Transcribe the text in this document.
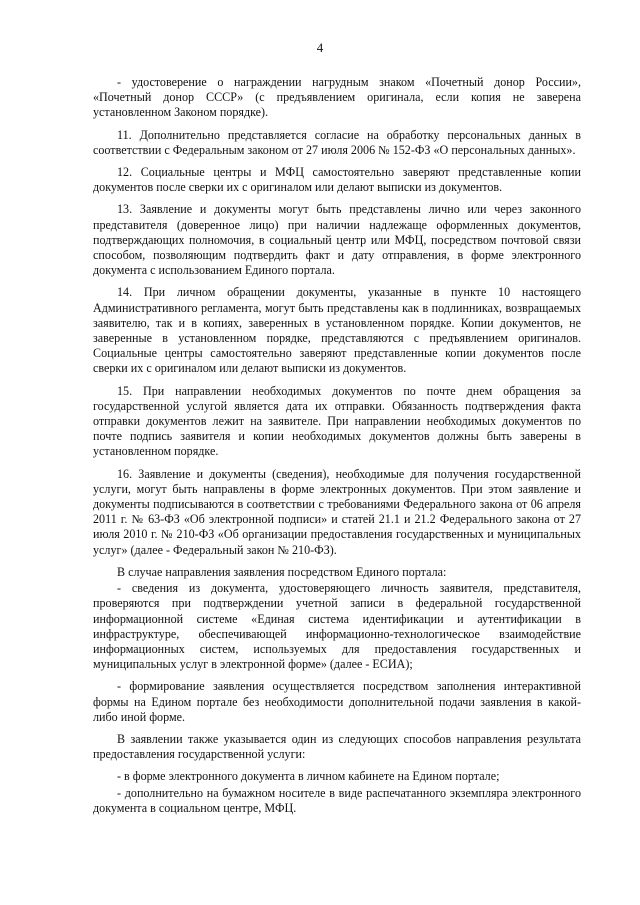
4

- удостоверение о награждении нагрудным знаком «Почетный донор России», «Почетный донор СССР» (с предъявлением оригинала, если копия не заверена установленном Законом порядке).

11. Дополнительно представляется согласие на обработку персональных данных в соответствии с Федеральным законом от 27 июля 2006 № 152-ФЗ «О персональных данных».

12. Социальные центры и МФЦ самостоятельно заверяют представленные копии документов после сверки их с оригиналом или делают выписки из документов.

13. Заявление и документы могут быть представлены лично или через законного представителя (доверенное лицо) при наличии надлежаще оформленных документов, подтверждающих полномочия, в социальный центр или МФЦ, посредством почтовой связи способом, позволяющим подтвердить факт и дату отправления, в форме электронного документа с использованием Единого портала.

14. При личном обращении документы, указанные в пункте 10 настоящего Административного регламента, могут быть представлены как в подлинниках, возвращаемых заявителю, так и в копиях, заверенных в установленном порядке. Копии документов, не заверенные в установленном порядке, представляются с предъявлением оригиналов. Социальные центры самостоятельно заверяют представленные копии документов после сверки их с оригиналом или делают выписки из документов.

15. При направлении необходимых документов по почте днем обращения за государственной услугой является дата их отправки. Обязанность подтверждения факта отправки документов лежит на заявителе. При направлении необходимых документов по почте подпись заявителя и копии необходимых документов должны быть заверены в установленном порядке.

16. Заявление и документы (сведения), необходимые для получения государственной услуги, могут быть направлены в форме электронных документов. При этом заявление и документы подписываются в соответствии с требованиями Федерального закона от 06 апреля 2011 г. № 63-ФЗ «Об электронной подписи» и статей 21.1 и 21.2 Федерального закона от 27 июля 2010 г. № 210-ФЗ «Об организации предоставления государственных и муниципальных услуг» (далее - Федеральный закон № 210-ФЗ).

В случае направления заявления посредством Единого портала:

- сведения из документа, удостоверяющего личность заявителя, представителя, проверяются при подтверждении учетной записи в федеральной государственной информационной системе «Единая система идентификации и аутентификации в инфраструктуре, обеспечивающей информационно-технологическое взаимодействие информационных систем, используемых для предоставления государственных и муниципальных услуг в электронной форме» (далее - ЕСИА);

- формирование заявления осуществляется посредством заполнения интерактивной формы на Едином портале без необходимости дополнительной подачи заявления в какой-либо иной форме.

В заявлении также указывается один из следующих способов направления результата предоставления государственной услуги:

- в форме электронного документа в личном кабинете на Едином портале;

- дополнительно на бумажном носителе в виде распечатанного экземпляра электронного документа в социальном центре, МФЦ.
